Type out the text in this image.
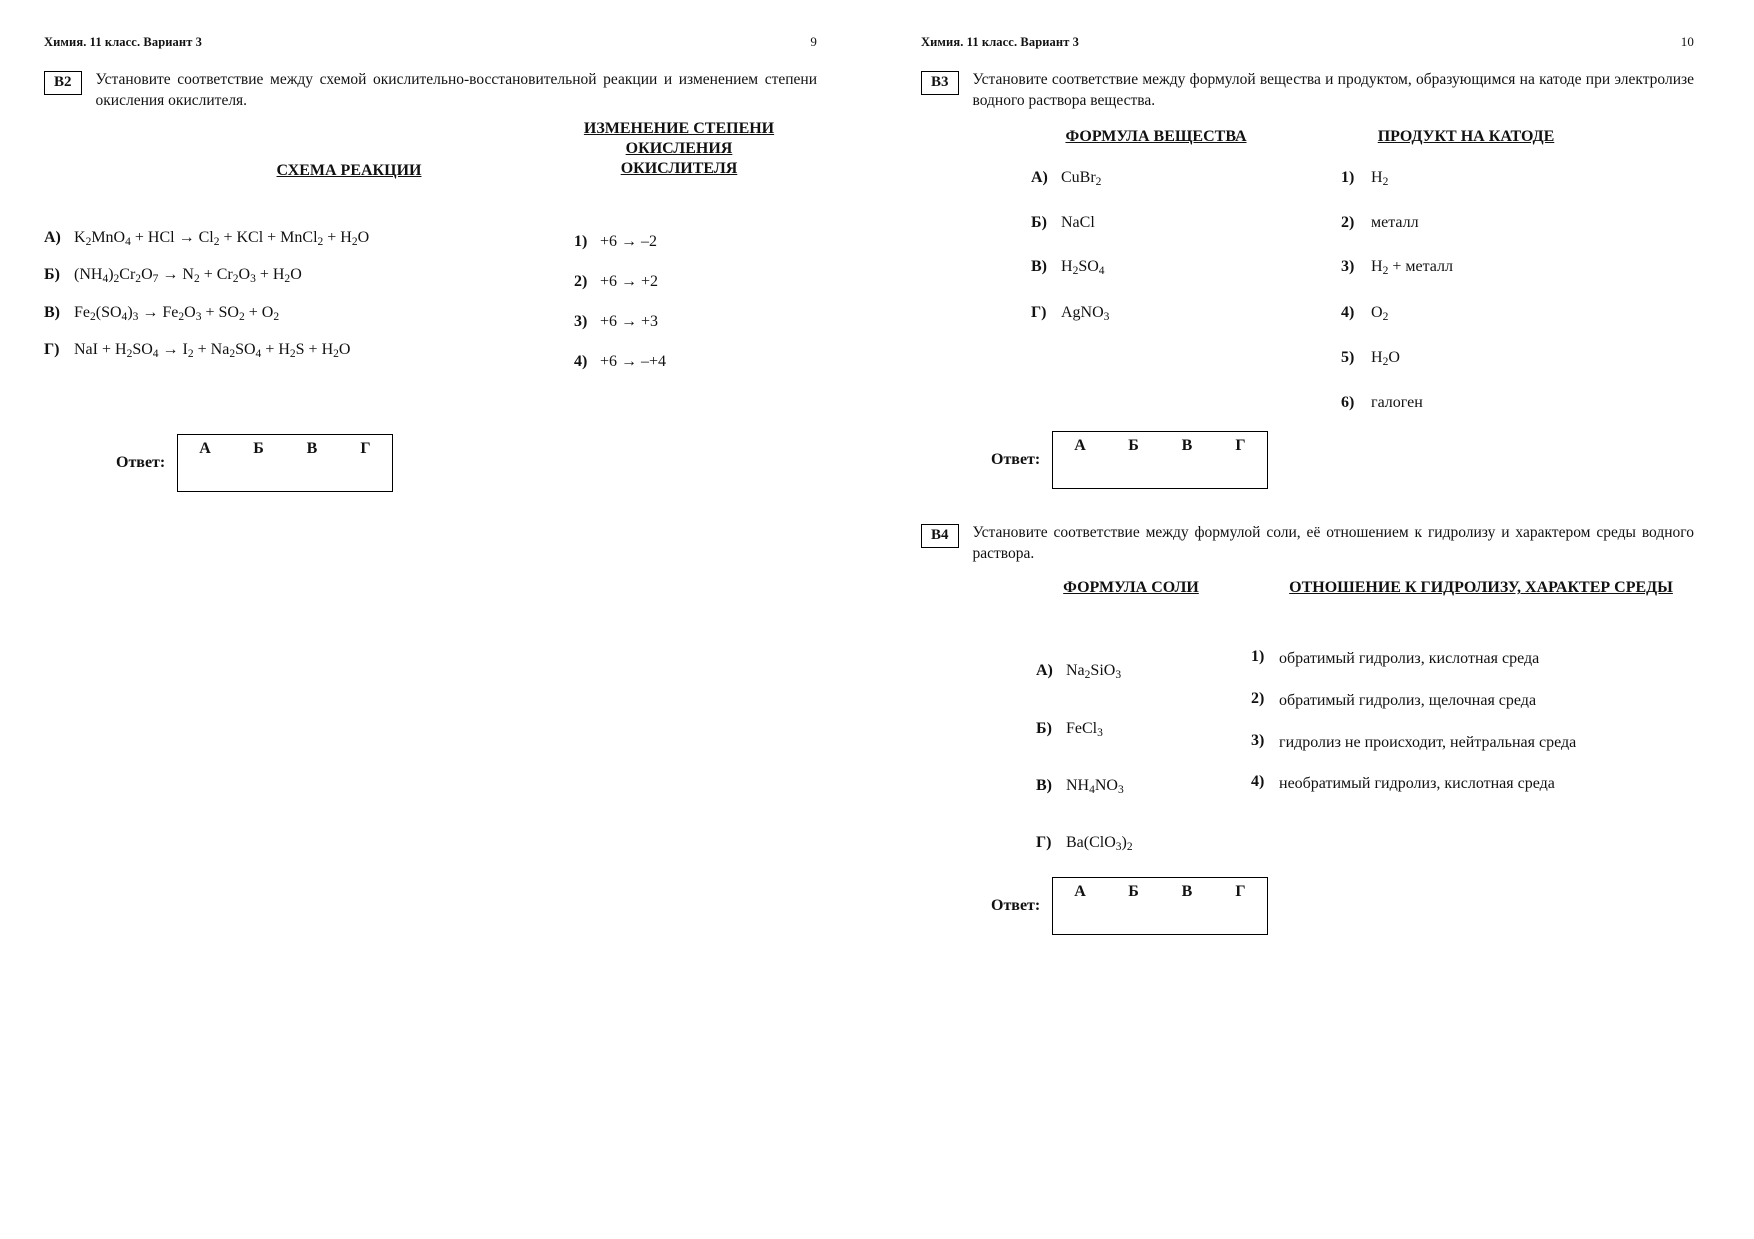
Химия. 11 класс. Вариант 3	9
В2	Установите соответствие между схемой окислительно-восстановительной реакции и изменением степени окисления окислителя.
СХЕМА РЕАКЦИИ
ИЗМЕНЕНИЕ СТЕПЕНИ ОКИСЛЕНИЯ ОКИСЛИТЕЛЯ
А) $K_2MnO_4$ + HCl → $Cl_2$ + KCl + MnCl$_2$ + $H_2O$
Б) $(NH_4)_2Cr_2O_7 \to N_2 + Cr_2O_3 + H_2O$
В) $Fe_2(SO_4)_3 \to Fe_2O_3 + SO_2 + O_2$
Г) NaI + $H_2SO_4 \to I_2 + Na_2SO_4 + H_2S + H_2O$
1) +6 → –2
2) +6 → +2
3) +6 → +3
4) +6 → –+4
Ответ:
А	Б	В	Г
Химия. 11 класс. Вариант 3	10
В3	Установите соответствие между формулой вещества и продуктом, образующимся на катоде при электролизе водного раствора вещества.
ФОРМУЛА ВЕЩЕСТВА	ПРОДУКТ НА КАТОДЕ
А) CuBr$_2$
Б) NaCl
В) $H_2SO_4$
Г) AgNO$_3$
1)	$H_2$
2)	металл
3)	$H_2$ + металл
4)	$O_2$
5)	$H_2O$
6)	галоген
Ответ:
А	Б	В	Г
В4	Установите соответствие между формулой соли, её отношением к гидролизу и характером среды водного раствора.
ФОРМУЛА СОЛИ	ОТНОШЕНИЕ К ГИДРОЛИЗУ, ХАРАКТЕР СРЕДЫ
А) $Na_2SiO_3$
Б) FeCl$_3$
В) $NH_4NO_3$
Г) $Ba(ClO_3)_2$
1) обратимый гидролиз, кислотная среда
2) обратимый гидролиз, щелочная среда
3) гидролиз не происходит, нейтральная среда
4) необратимый гидролиз, кислотная среда
Ответ:
А	Б	В	Г
